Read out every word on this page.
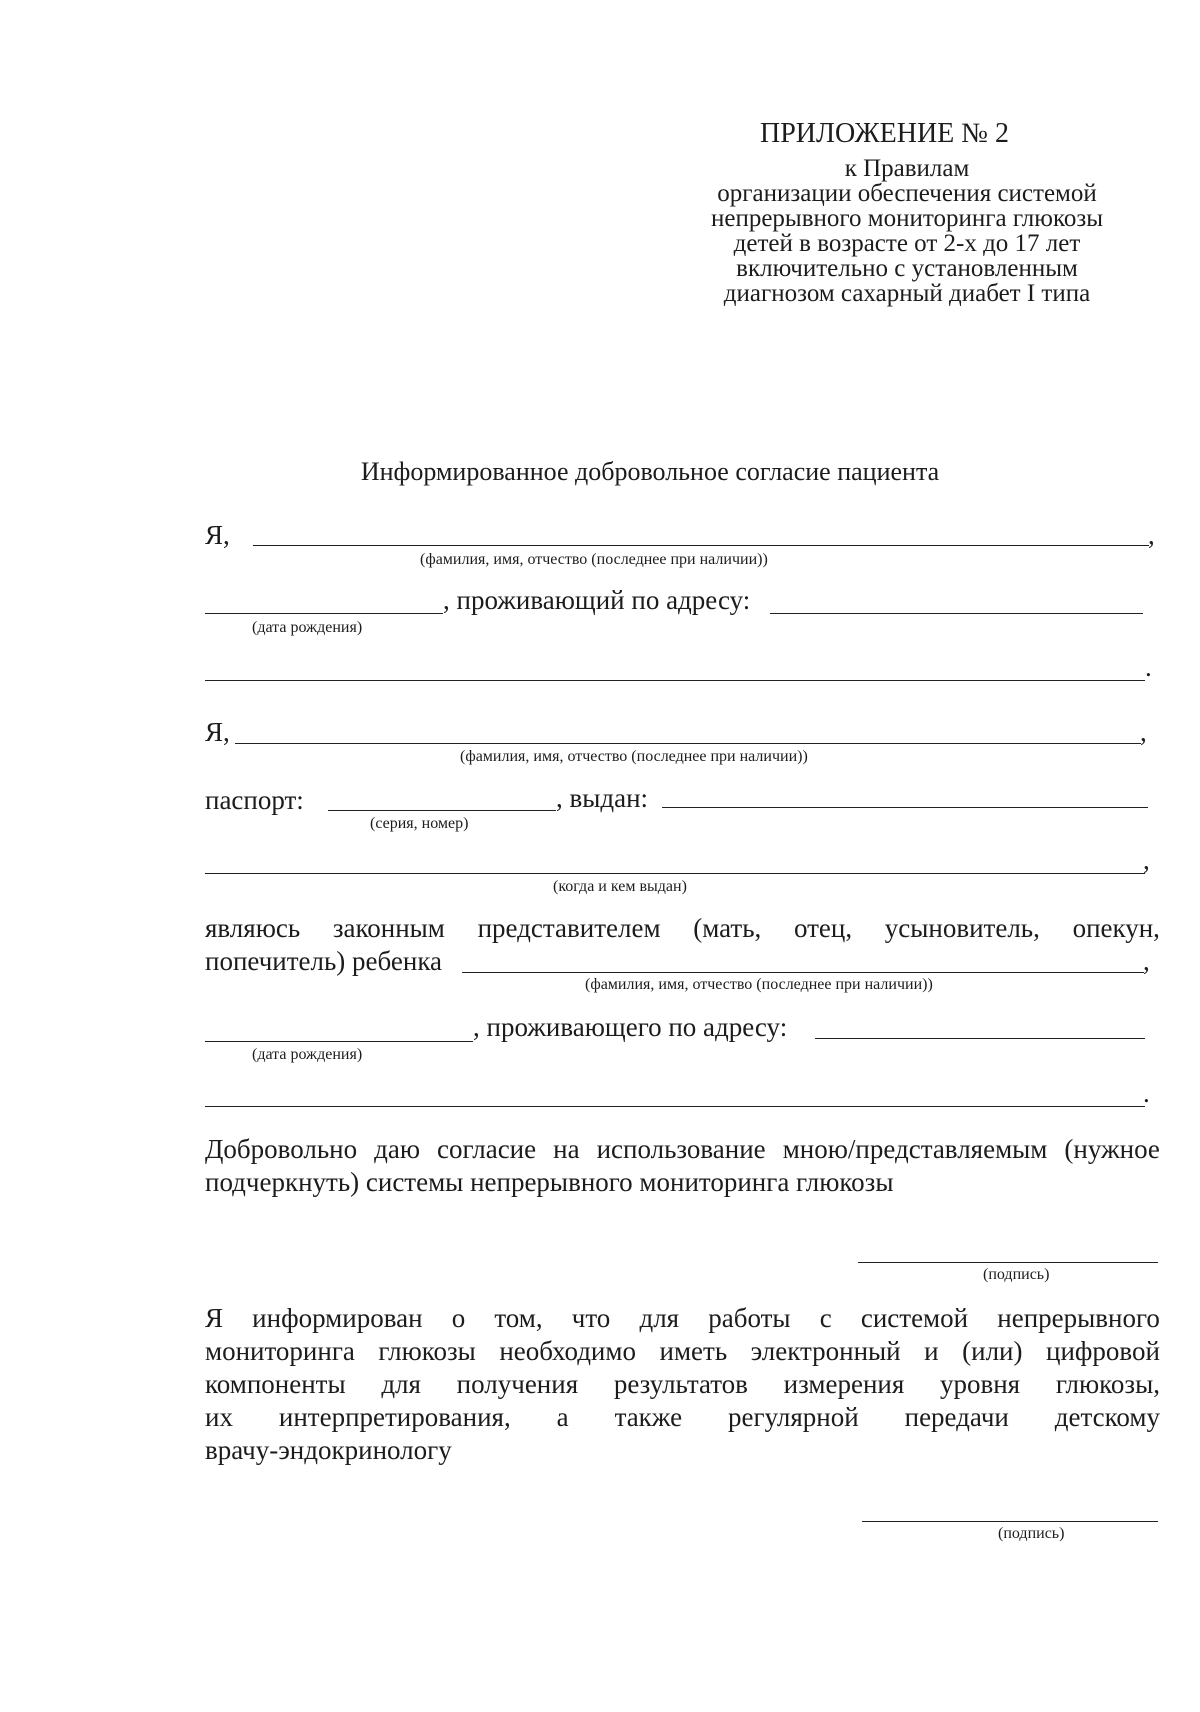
ПРИЛОЖЕНИЕ № 2
к Правилам
организации обеспечения системой
непрерывного мониторинга глюкозы
детей в возрасте от 2-х до 17 лет
включительно с установленным
диагнозом сахарный диабет I типа
Информированное добровольное согласие пациента
Я,	,
(фамилия, имя, отчество (последнее при наличии))
, проживающий по адресу:
(дата рождения)
.
Я,	,
(фамилия, имя, отчество (последнее при наличии))
паспорт:	, выдан:
(серия, номер)
,
(когда и кем выдан)
являюсь законным представителем (мать, отец, усыновитель, опекун,
попечитель) ребенка	,
(фамилия, имя, отчество (последнее при наличии))
, проживающего по адресу:
(дата рождения)
.
Добровольно даю согласие на использование мною/представляемым (нужное
подчеркнуть) системы непрерывного мониторинга глюкозы
(подпись)
Я информирован о том, что для работы с системой непрерывного
мониторинга глюкозы необходимо иметь электронный и (или) цифровой
компоненты для получения результатов измерения уровня глюкозы,
их интерпретирования, а также регулярной передачи детскому
врачу-эндокринологу
(подпись)
